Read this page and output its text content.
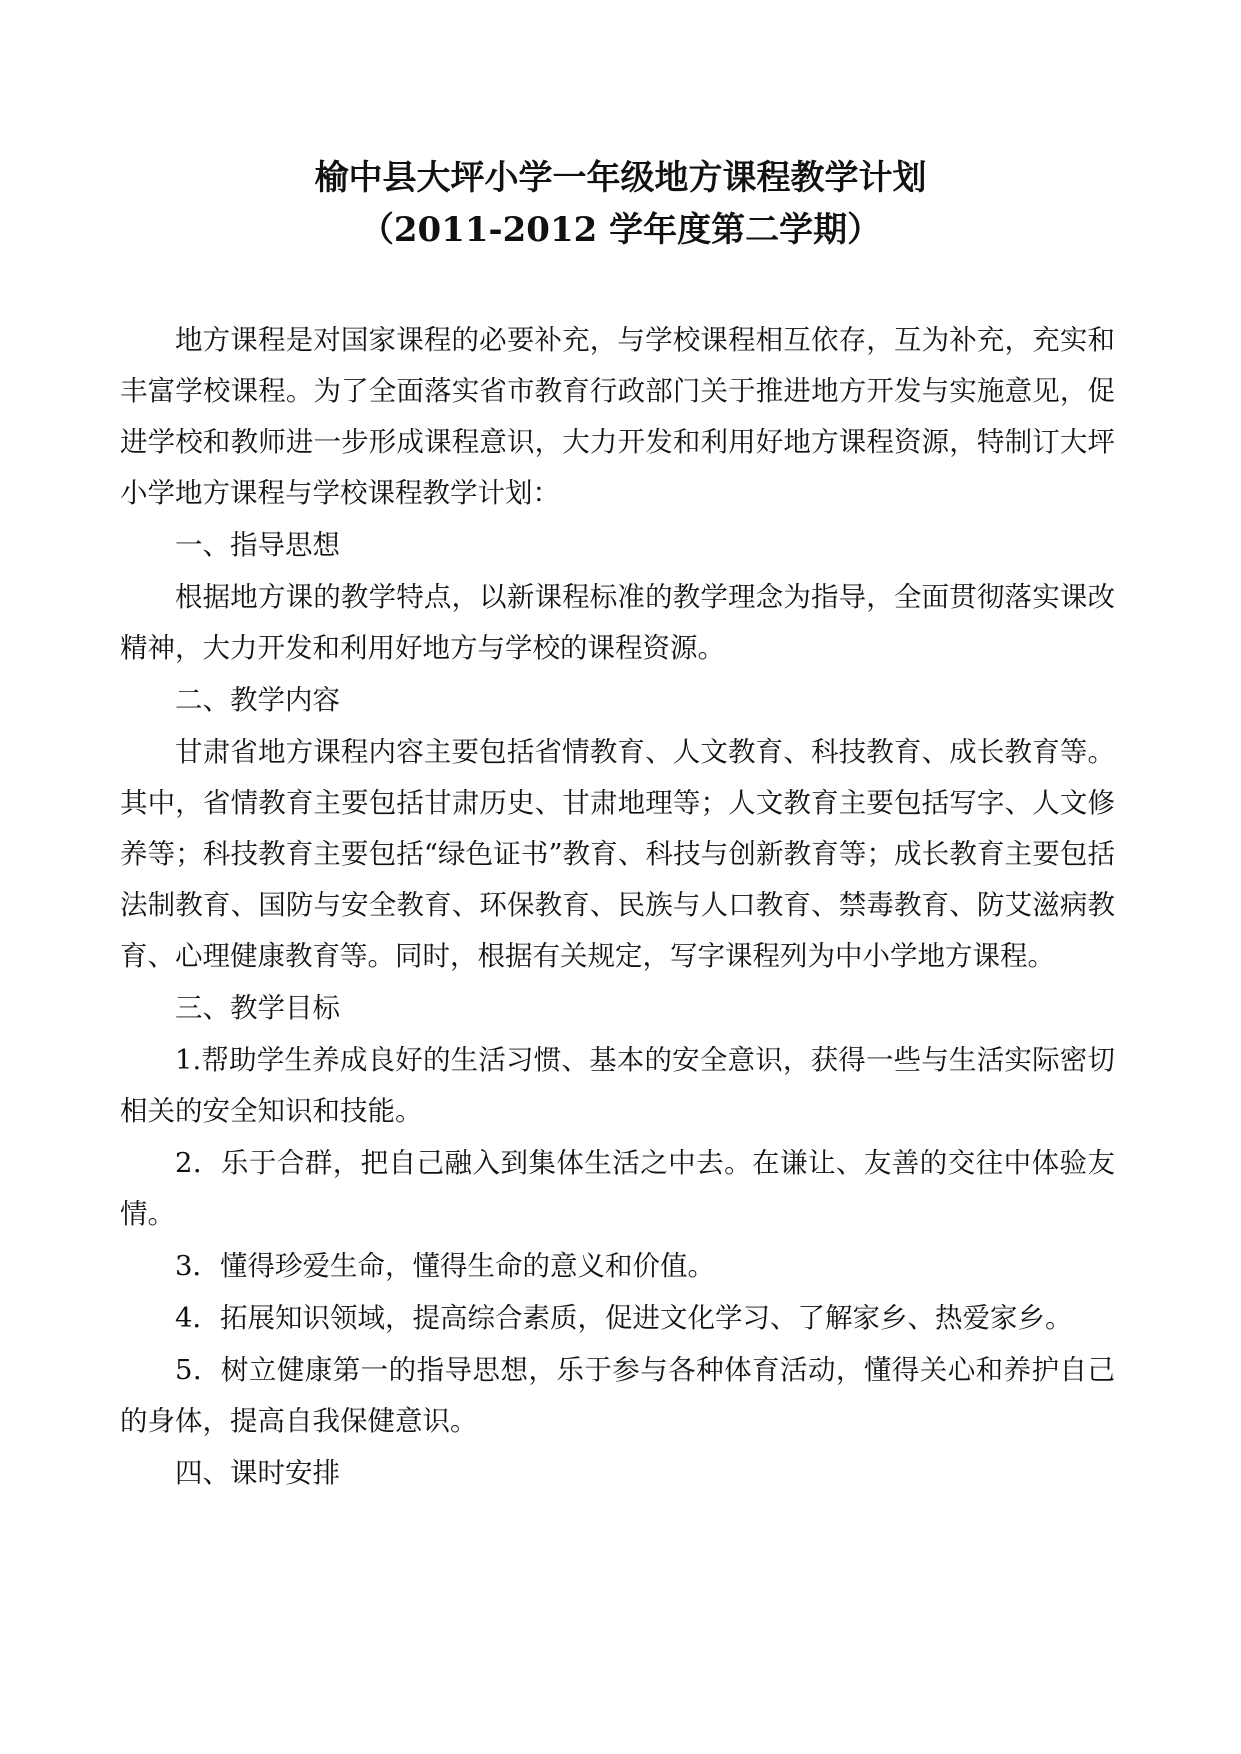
榆中县大坪小学一年级地方课程教学计划
（2011-2012 学年度第二学期）

地方课程是对国家课程的必要补充，与学校课程相互依存，互为补充，充实和丰富学校课程。为了全面落实省市教育行政部门关于推进地方开发与实施意见，促进学校和教师进一步形成课程意识，大力开发和利用好地方课程资源，特制订大坪小学地方课程与学校课程教学计划：

一、指导思想

根据地方课的教学特点，以新课程标准的教学理念为指导，全面贯彻落实课改精神，大力开发和利用好地方与学校的课程资源。

二、教学内容

甘肃省地方课程内容主要包括省情教育、人文教育、科技教育、成长教育等。其中，省情教育主要包括甘肃历史、甘肃地理等；人文教育主要包括写字、人文修养等；科技教育主要包括“绿色证书”教育、科技与创新教育等；成长教育主要包括法制教育、国防与安全教育、环保教育、民族与人口教育、禁毒教育、防艾滋病教育、心理健康教育等。同时，根据有关规定，写字课程列为中小学地方课程。

三、教学目标

1.帮助学生养成良好的生活习惯、基本的安全意识，获得一些与生活实际密切相关的安全知识和技能。

2．乐于合群，把自己融入到集体生活之中去。在谦让、友善的交往中体验友情。

3．懂得珍爱生命，懂得生命的意义和价值。

4．拓展知识领域，提高综合素质，促进文化学习、了解家乡、热爱家乡。

5．树立健康第一的指导思想，乐于参与各种体育活动，懂得关心和养护自己的身体，提高自我保健意识。

四、课时安排
